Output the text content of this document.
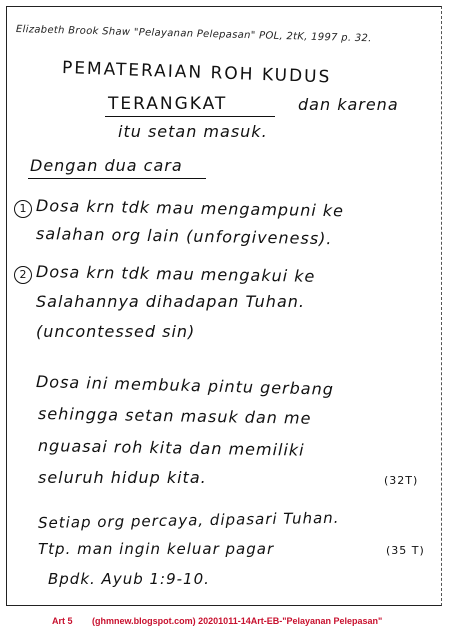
Elizabeth Brook Shaw "Pelayanan Pelepasan" POL, 2tK, 1997 p. 32.
PEMATERAIAN ROH KUDUS
TERANGKAT	dan karena
itu setan masuk.
Dengan dua cara
1 Dosa krn tdk mau mengampuni ke
salahan org lain (unforgiveness).
2 Dosa krn tdk mau mengakui ke
Salahannya dihadapan Tuhan.
(uncontessed sin)
Dosa ini membuka pintu gerbang
sehingga setan masuk dan me
nguasai roh kita dan memiliki
seluruh hidup kita.	(32T)
Setiap org percaya, dipasari Tuhan.
Ttp. man ingin keluar pagar	(35 T)
Bpdk. Ayub 1:9-10.
Art 5 (ghmnew.blogspot.com) 20201011-14Art-EB-"Pelayanan Pelepasan"
